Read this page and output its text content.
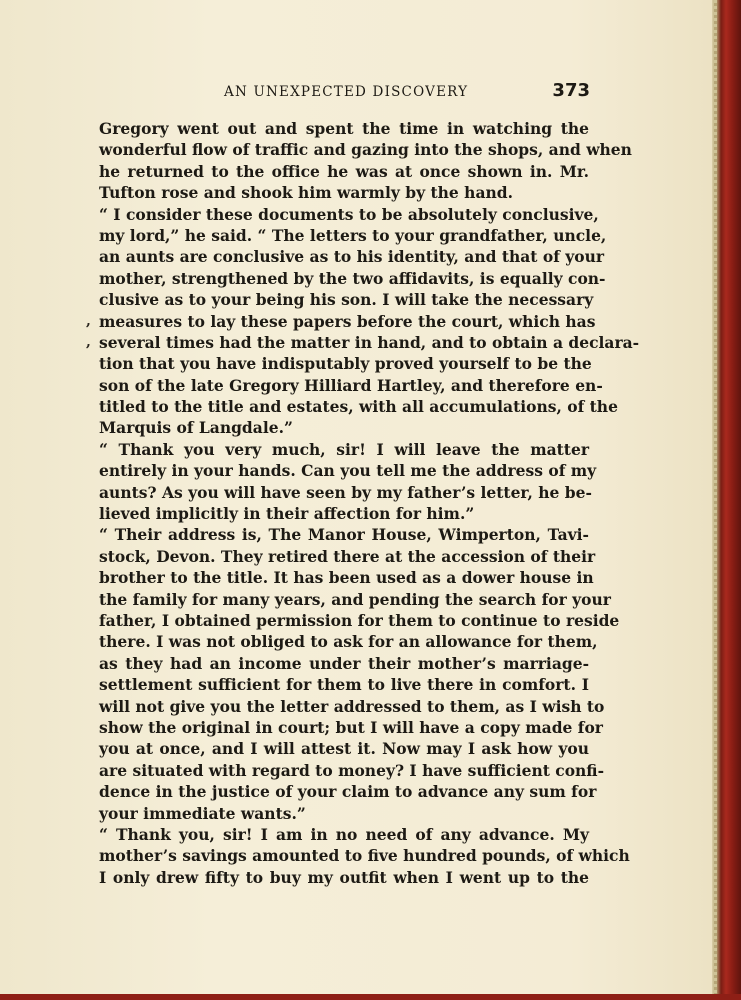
AN UNEXPECTED DISCOVERY	373
,
,
Gregory went out and spent the time in watching the
wonderful flow of traffic and gazing into the shops, and when
he returned to the office he was at once shown in. Mr.
Tufton rose and shook him warmly by the hand.
“ I consider these documents to be absolutely conclusive,
my lord,” he said. “ The letters to your grandfather, uncle,
an aunts are conclusive as to his identity, and that of your
mother, strengthened by the two affidavits, is equally con-
clusive as to your being his son. I will take the necessary
measures to lay these papers before the court, which has
several times had the matter in hand, and to obtain a declara-
tion that you have indisputably proved yourself to be the
son of the late Gregory Hilliard Hartley, and therefore en-
titled to the title and estates, with all accumulations, of the
Marquis of Langdale.”
“ Thank you very much, sir! I will leave the matter
entirely in your hands. Can you tell me the address of my
aunts? As you will have seen by my father’s letter, he be-
lieved implicitly in their affection for him.”
“ Their address is, The Manor House, Wimperton, Tavi-
stock, Devon. They retired there at the accession of their
brother to the title. It has been used as a dower house in
the family for many years, and pending the search for your
father, I obtained permission for them to continue to reside
there. I was not obliged to ask for an allowance for them,
as they had an income under their mother’s marriage-
settlement sufficient for them to live there in comfort. I
will not give you the letter addressed to them, as I wish to
show the original in court; but I will have a copy made for
you at once, and I will attest it. Now may I ask how you
are situated with regard to money? I have sufficient confi-
dence in the justice of your claim to advance any sum for
your immediate wants.”
“ Thank you, sir! I am in no need of any advance. My
mother’s savings amounted to five hundred pounds, of which
I only drew fifty to buy my outfit when I went up to the
